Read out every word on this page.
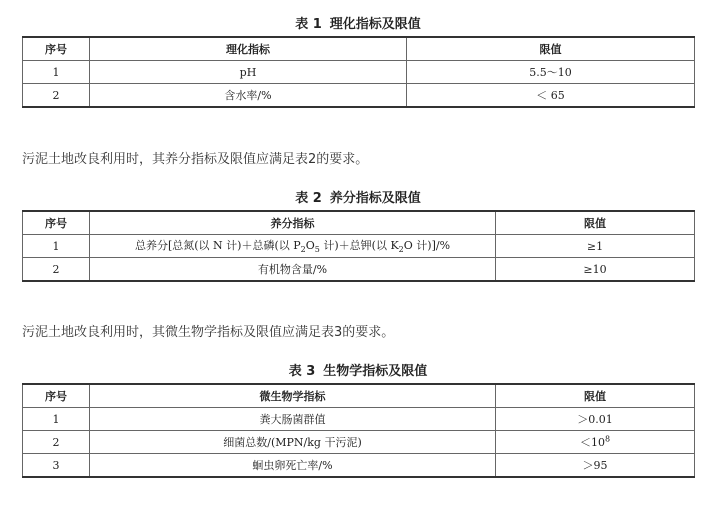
表 1 理化指标及限值
序号	理化指标	限值
1	pH	5.5～10
2	含水率/%	＜ 65
污泥土地改良利用时，其养分指标及限值应满足表2的要求。
表 2 养分指标及限值
序号	养分指标	限值
1	总养分[总氮(以 N 计)＋总磷(以 $P_2O_5$ 计)＋总钾(以 $K_2O$ 计)]/%	≥1
2	有机物含量/%	≥10
污泥土地改良利用时，其微生物学指标及限值应满足表3的要求。
表 3 生物学指标及限值
序号	微生物学指标	限值
1	粪大肠菌群值	＞0.01
2	细菌总数/(MPN/kg 干污泥)	$<10^8$
3	蛔虫卵死亡率/%	＞95
